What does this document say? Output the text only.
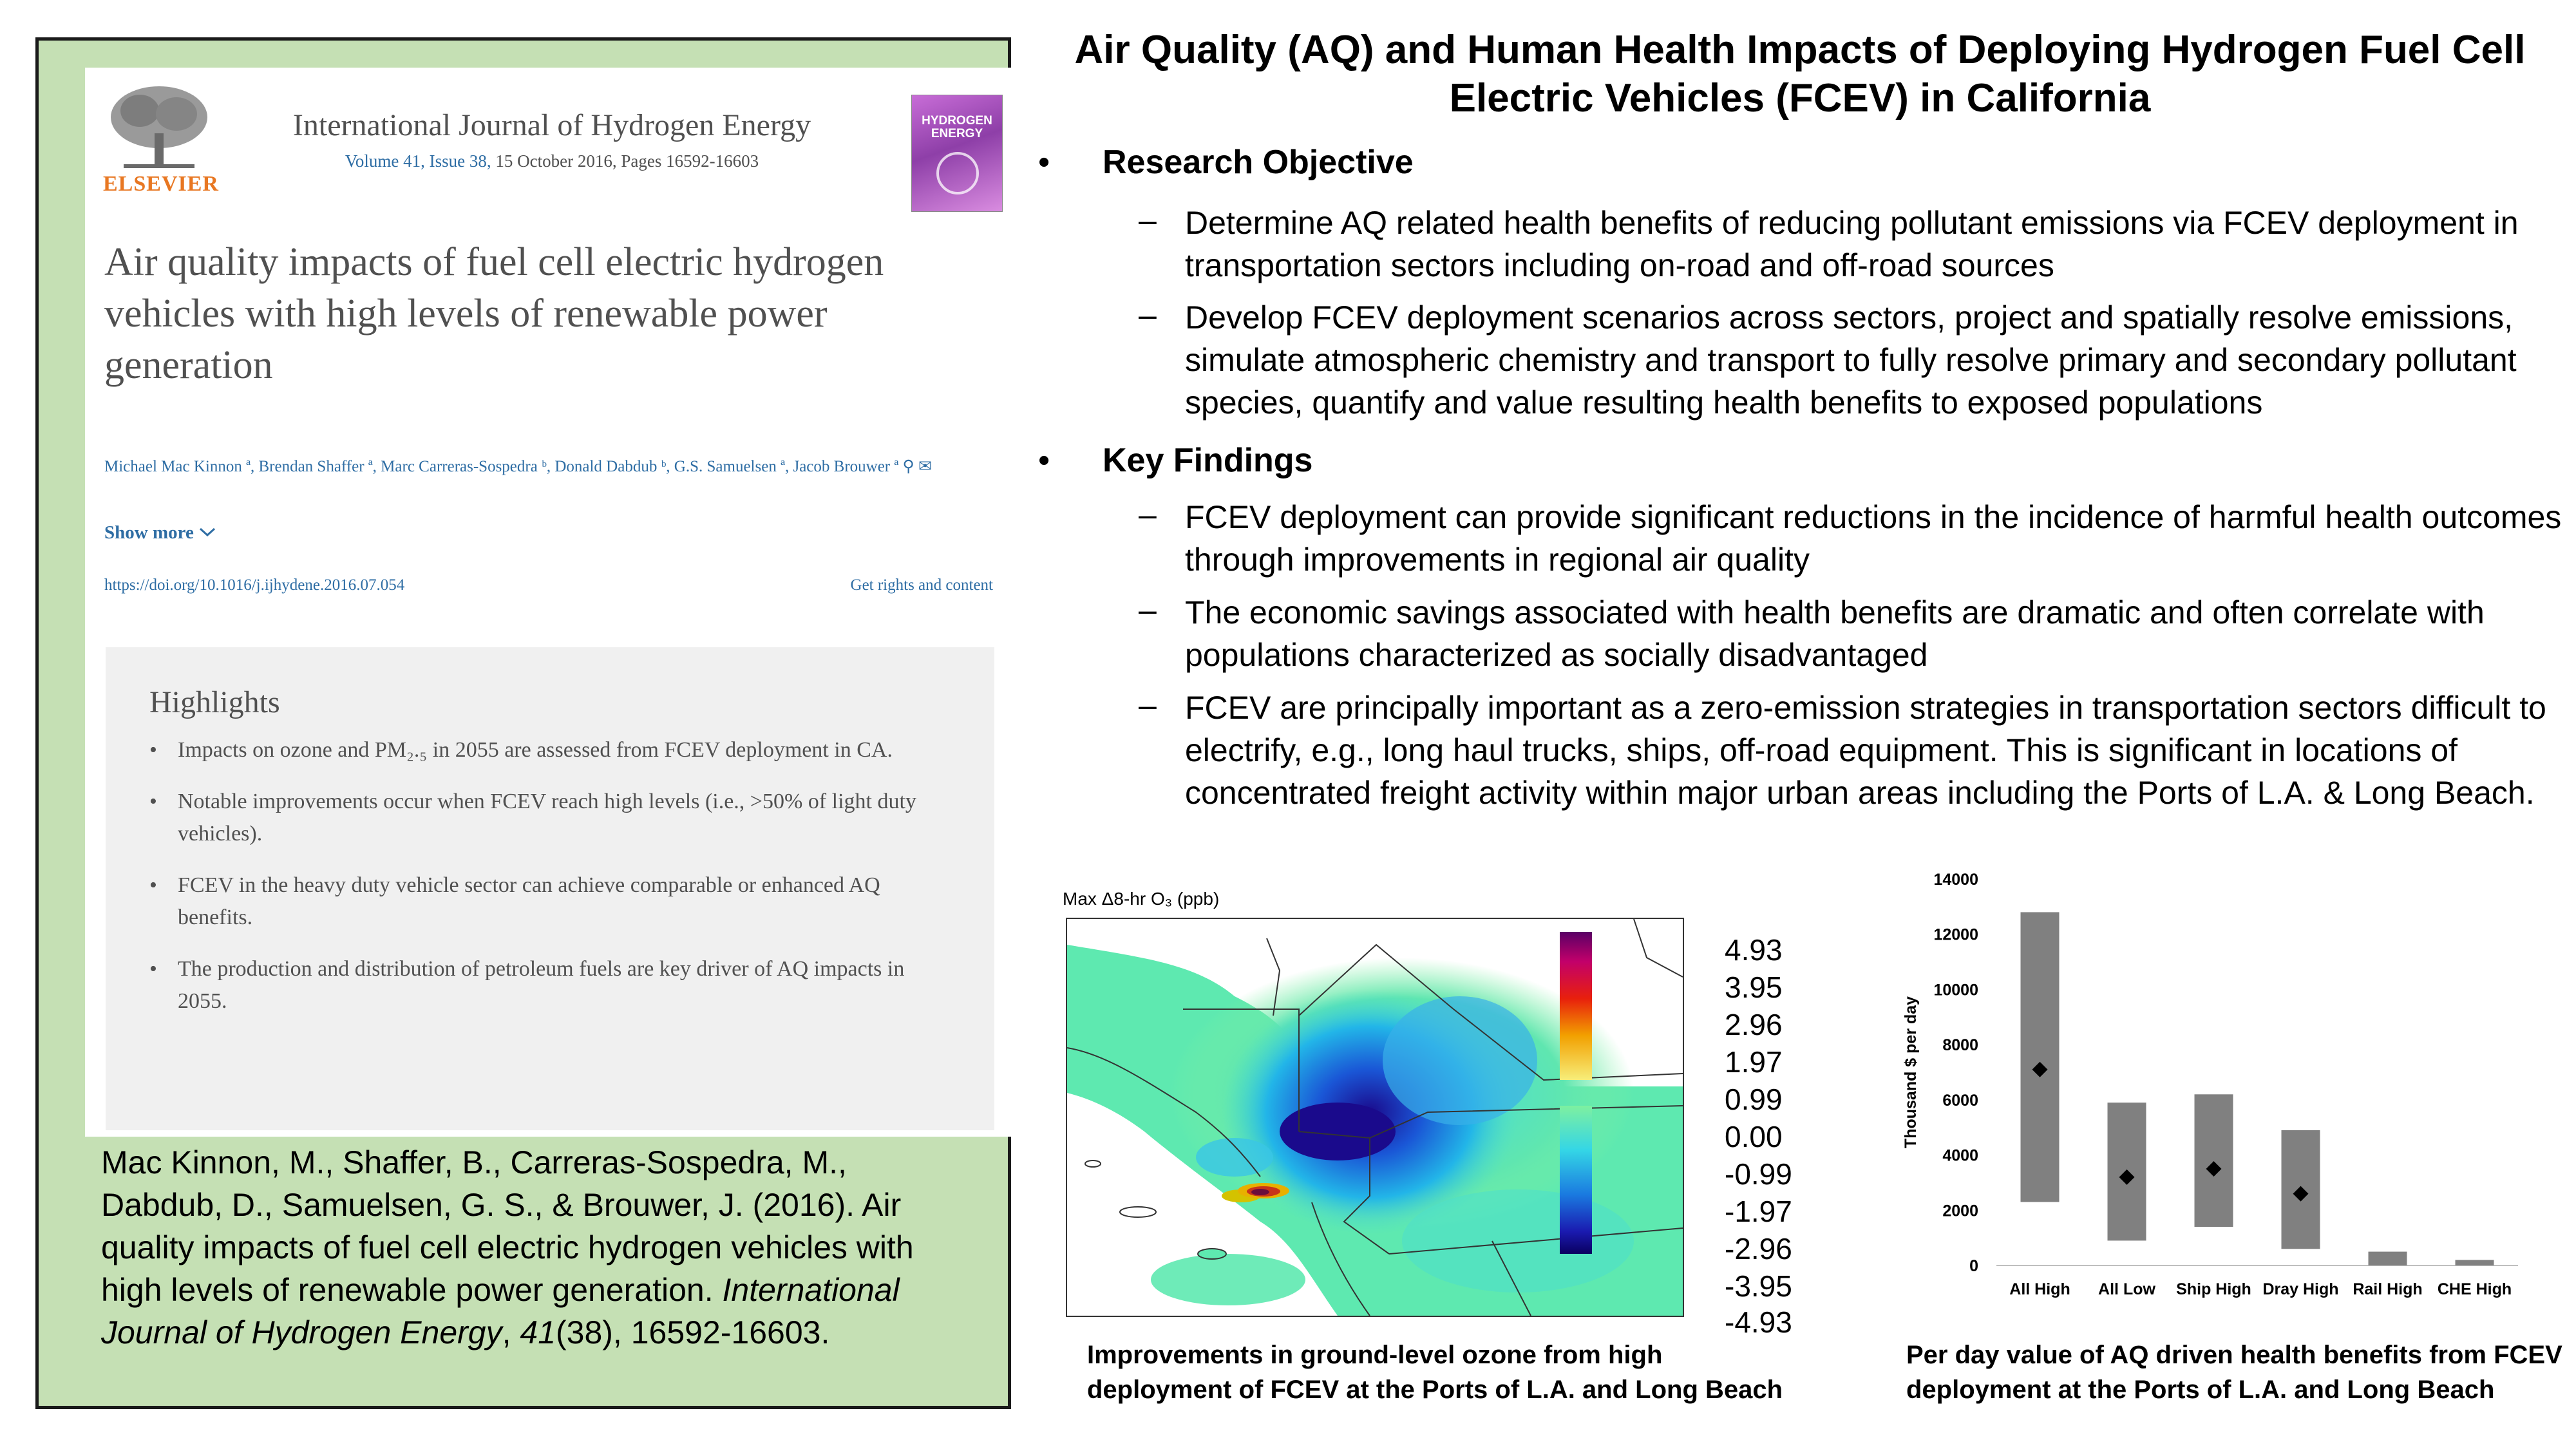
ELSEVIER
International Journal of Hydrogen Energy
Volume 41, Issue 38, 15 October 2016, Pages 16592-16603
HYDROGEN ENERGY
Air quality impacts of fuel cell electric hydrogen vehicles with high levels of renewable power generation
Michael Mac Kinnon ª, Brendan Shaffer ª, Marc Carreras-Sospedra ᵇ, Donald Dabdub ᵇ, G.S. Samuelsen ª, Jacob Brouwer ª ⚲ ✉
Show more
https://doi.org/10.1016/j.ijhydene.2016.07.054	Get rights and content
Highlights
• Impacts on ozone and PM₂.₅ in 2055 are assessed from FCEV deployment in CA.
• Notable improvements occur when FCEV reach high levels (i.e., >50% of light duty vehicles).
• FCEV in the heavy duty vehicle sector can achieve comparable or enhanced AQ benefits.
• The production and distribution of petroleum fuels are key driver of AQ impacts in 2055.
Mac Kinnon, M., Shaffer, B., Carreras-Sospedra, M., Dabdub, D., Samuelsen, G. S., & Brouwer, J. (2016). Air quality impacts of fuel cell electric hydrogen vehicles with high levels of renewable power generation. International Journal of Hydrogen Energy, 41(38), 16592-16603.
Air Quality (AQ) and Human Health Impacts of Deploying Hydrogen Fuel Cell Electric Vehicles (FCEV) in California
• Research Objective
– Determine AQ related health benefits of reducing pollutant emissions via FCEV deployment in transportation sectors including on-road and off-road sources
– Develop FCEV deployment scenarios across sectors, project and spatially resolve emissions, simulate atmospheric chemistry and transport to fully resolve primary and secondary pollutant species, quantify and value resulting health benefits to exposed populations
• Key Findings
– FCEV deployment can provide significant reductions in the incidence of harmful health outcomes through improvements in regional air quality
– The economic savings associated with health benefits are dramatic and often correlate with populations characterized as socially disadvantaged
– FCEV are principally important as a zero-emission strategies in transportation sectors difficult to electrify, e.g., long haul trucks, ships, off-road equipment. This is significant in locations of concentrated freight activity within major urban areas including the Ports of L.A. & Long Beach.
Max Δ8-hr O₃ (ppb)
4.93
3.95
2.96
1.97
0.99
0.00
-0.99
-1.97
-2.96
-3.95
-4.93
Improvements in ground-level ozone from high deployment of FCEV at the Ports of L.A. and Long Beach
0
2000
4000
6000
8000
10000
12000
14000
Thousand $ per day
All High All Low Ship High Dray High Rail High CHE High
Per day value of AQ driven health benefits from FCEV deployment at the Ports of L.A. and Long Beach
